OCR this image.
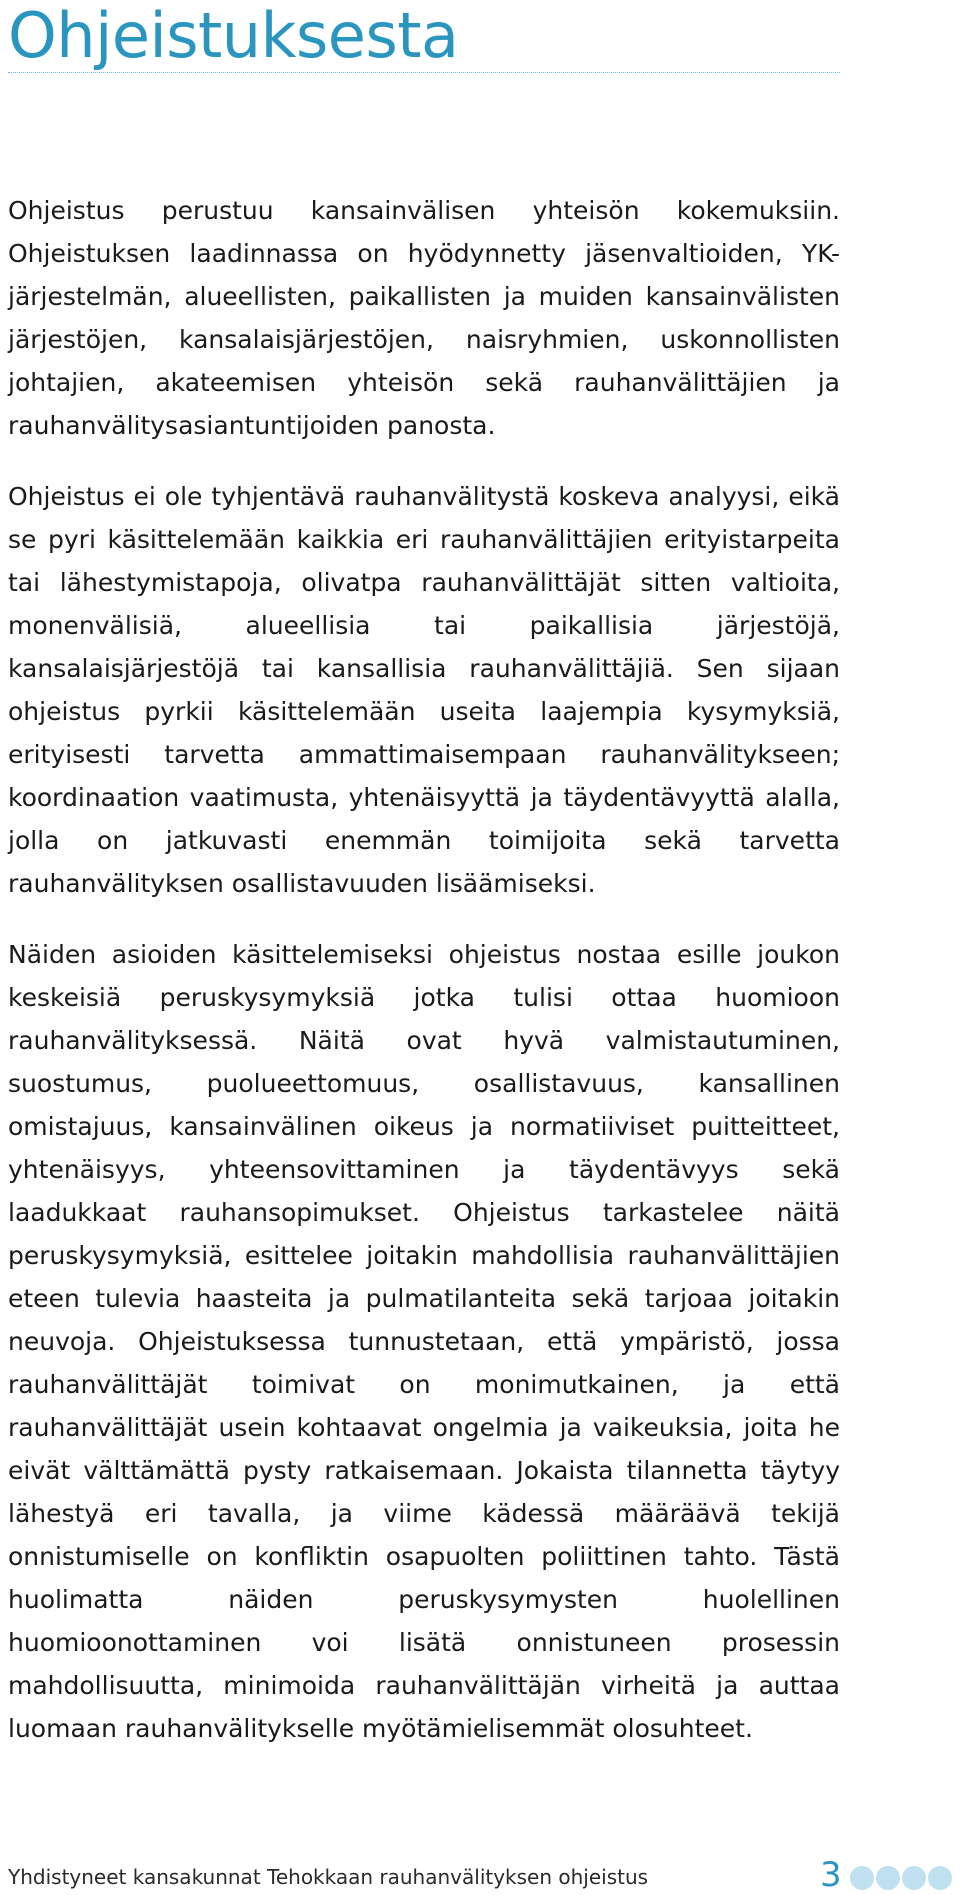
Ohjeistuksesta

Ohjeistus perustuu kansainvälisen yhteisön kokemuksiin. Ohjeistuksen laadinnassa on hyödynnetty jäsenvaltioiden, YK-järjestelmän, alueellisten, paikallisten ja muiden kansainvälisten järjestöjen, kansalaisjärjestöjen, naisryhmien, uskonnollisten johtajien, akateemisen yhteisön sekä rauhanvälittäjien ja rauhanvälitysasiantuntijoiden panosta.

Ohjeistus ei ole tyhjentävä rauhanvälitystä koskeva analyysi, eikä se pyri käsittelemään kaikkia eri rauhanvälittäjien erityistarpeita tai lähestymistapoja, olivatpa rauhanvälittäjät sitten valtioita, monenvälisiä, alueellisia tai paikallisia järjestöjä, kansalaisjärjestöjä tai kansallisia rauhanvälittäjiä. Sen sijaan ohjeistus pyrkii käsittelemään useita laajempia kysymyksiä, erityisesti tarvetta ammattimaisempaan rauhanvälitykseen; koordinaation vaatimusta, yhtenäisyyttä ja täydentävyyttä alalla, jolla on jatkuvasti enemmän toimijoita sekä tarvetta rauhanvälityksen osallistavuuden lisäämiseksi.

Näiden asioiden käsittelemiseksi ohjeistus nostaa esille joukon keskeisiä peruskysymyksiä jotka tulisi ottaa huomioon rauhanvälityksessä. Näitä ovat hyvä valmistautuminen, suostumus, puolueettomuus, osallistavuus, kansallinen omistajuus, kansainvälinen oikeus ja normatiiviset puitteitteet, yhtenäisyys, yhteensovittaminen ja täydentävyys sekä laadukkaat rauhansopimukset. Ohjeistus tarkastelee näitä peruskysymyksiä, esittelee joitakin mahdollisia rauhanvälittäjien eteen tulevia haasteita ja pulmatilanteita sekä tarjoaa joitakin neuvoja. Ohjeistuksessa tunnustetaan, että ympäristö, jossa rauhanvälittäjät toimivat on monimutkainen, ja että rauhanvälittäjät usein kohtaavat ongelmia ja vaikeuksia, joita he eivät välttämättä pysty ratkaisemaan. Jokaista tilannetta täytyy lähestyä eri tavalla, ja viime kädessä määräävä tekijä onnistumiselle on konfliktin osapuolten poliittinen tahto. Tästä huolimatta näiden peruskysymysten huolellinen huomioonottaminen voi lisätä onnistuneen prosessin mahdollisuutta, minimoida rauhanvälittäjän virheitä ja auttaa luomaan rauhanvälitykselle myötämielisemmät olosuhteet.

Yhdistyneet kansakunnat Tehokkaan rauhanvälityksen ohjeistus	3
